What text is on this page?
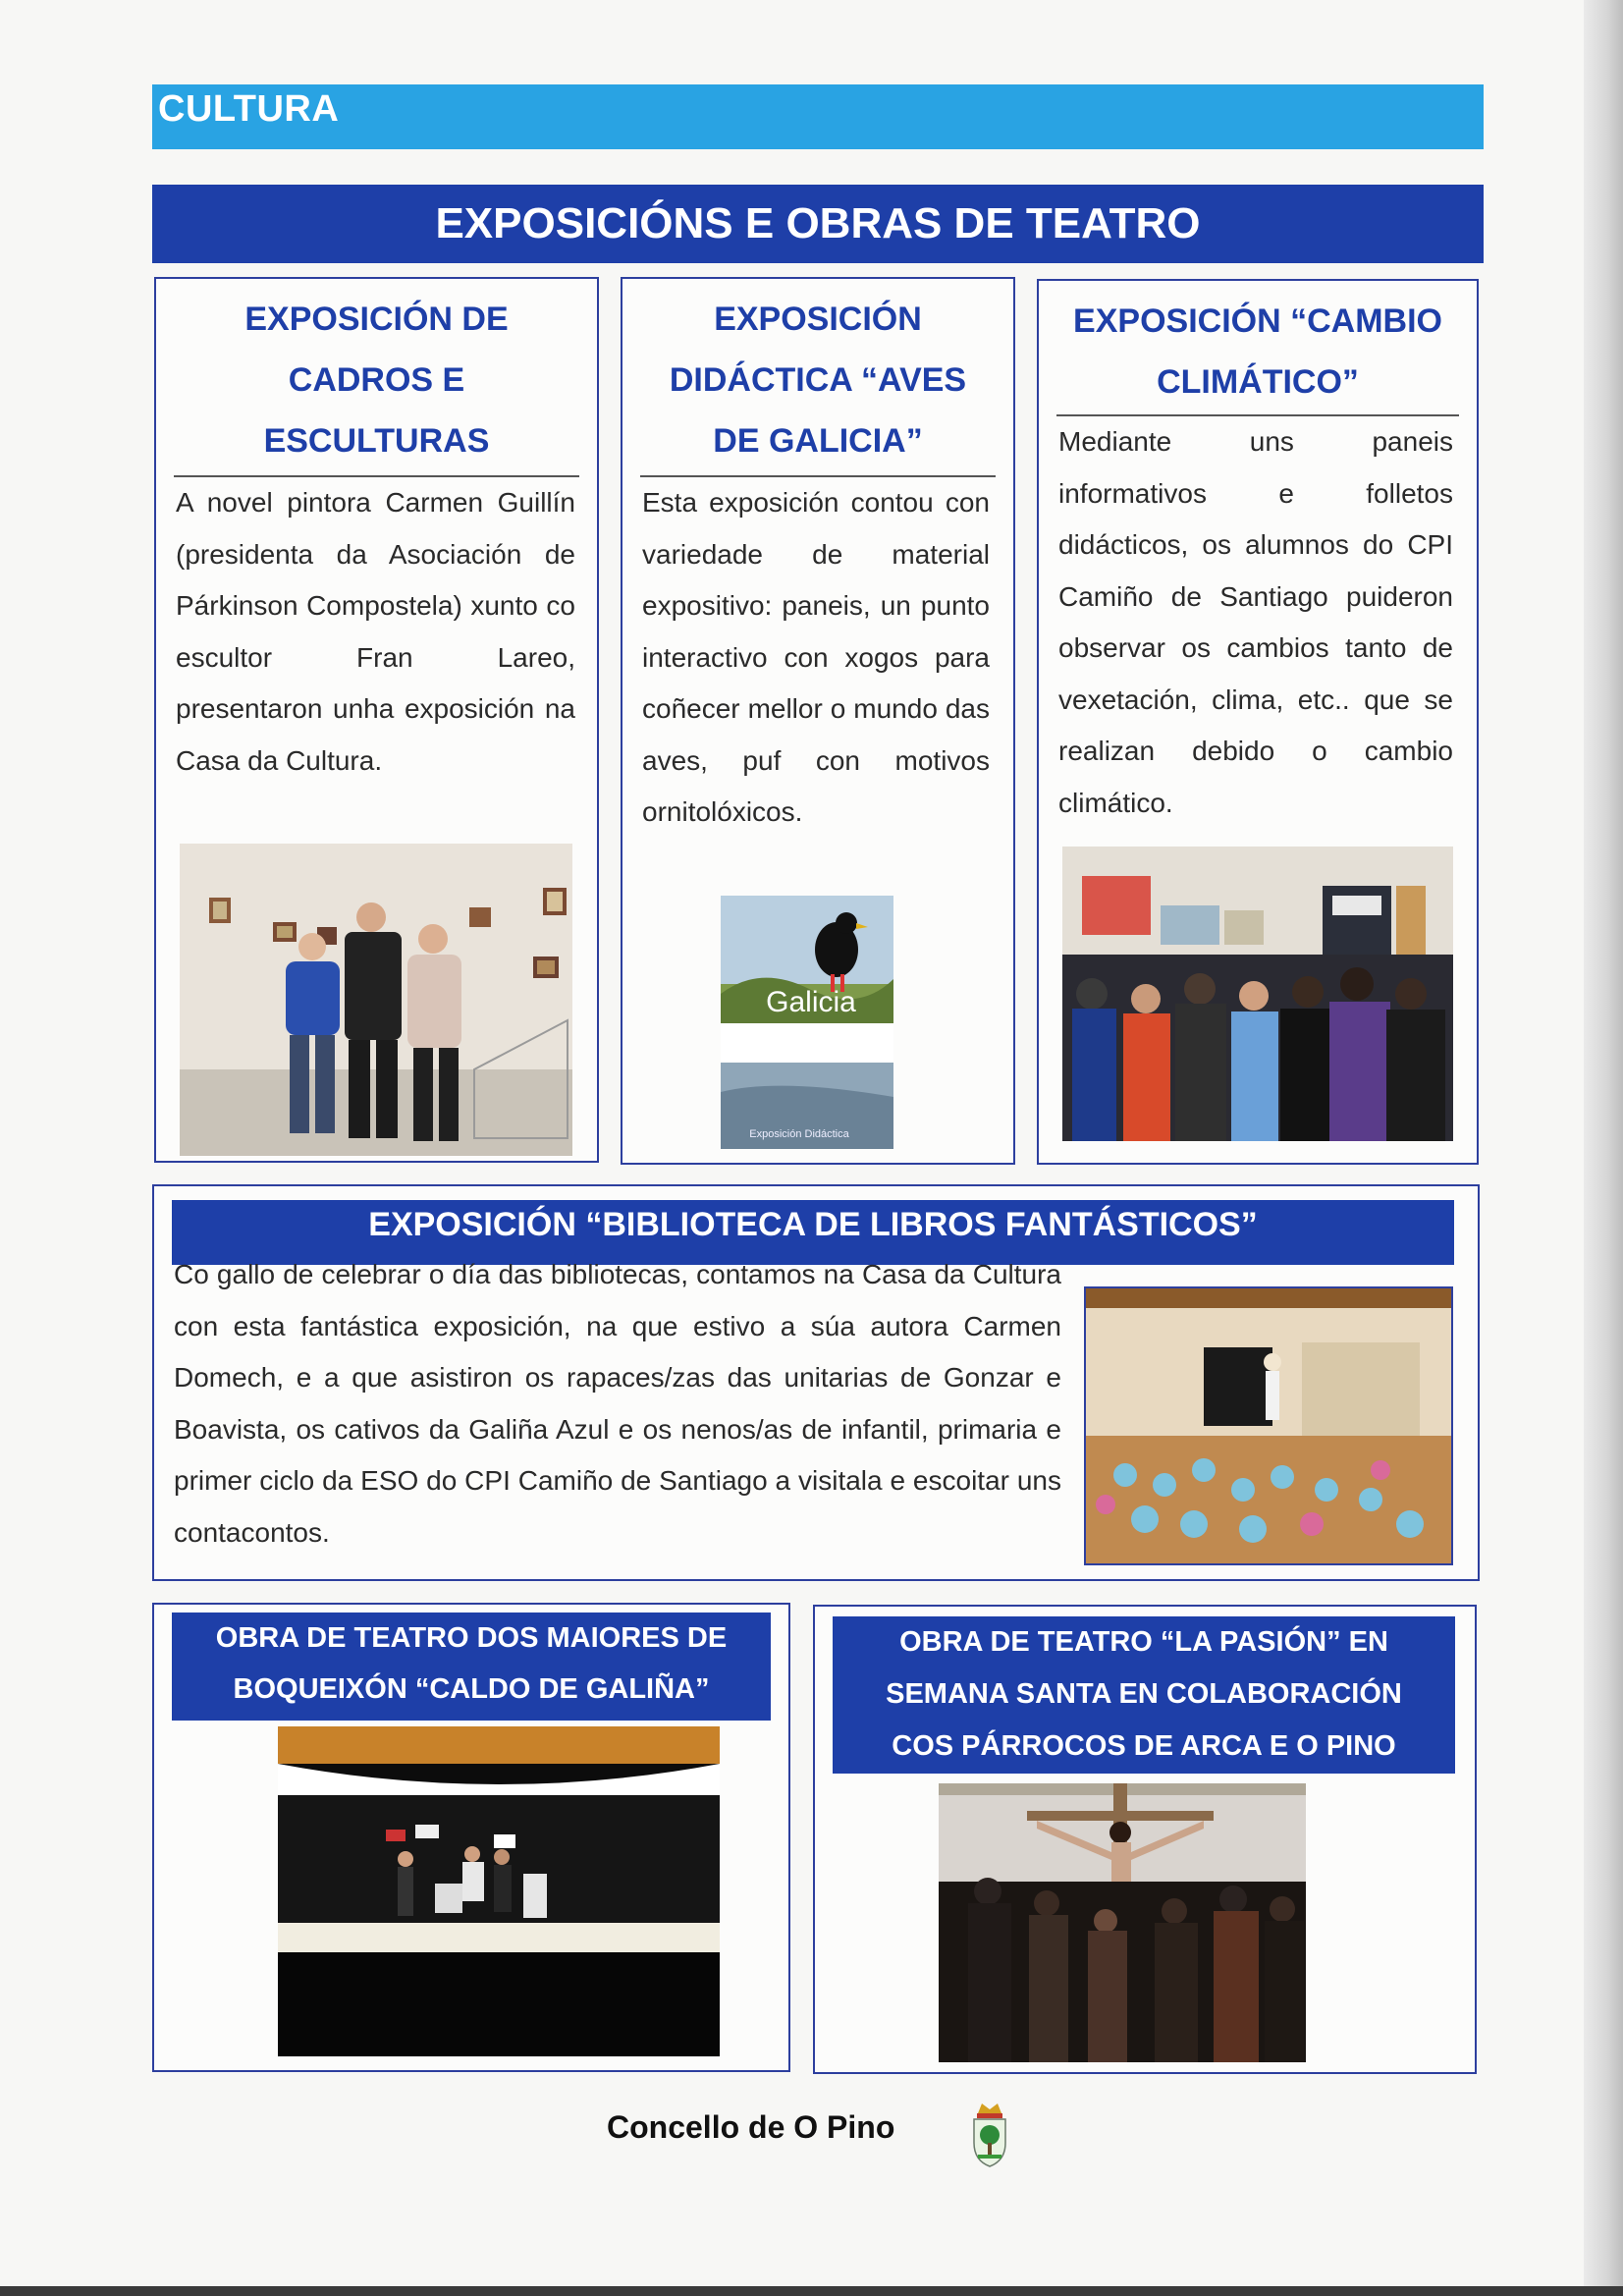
CULTURA
EXPOSICIÓNS E OBRAS DE TEATRO
EXPOSICIÓN DE
CADROS E
ESCULTURAS
A novel pintora Carmen Guillín (presidenta da Asociación de Párkinson Compostela) xunto co escultor Fran Lareo, presentaron unha exposición na Casa da Cultura.
EXPOSICIÓN
DIDÁCTICA “AVES
DE GALICIA”
Esta exposición contou con variedade de material expositivo: paneis, un punto interactivo con xogos para coñecer mellor o mundo das aves, puf con motivos ornitolóxicos.
Galicia
Exposición Didáctica
EXPOSICIÓN “CAMBIO
CLIMÁTICO”
Mediante uns paneis informativos e folletos didácticos, os alumnos do CPI Camiño de Santiago puideron observar os cambios tanto de vexetación, clima, etc.. que se realizan debido o cambio climático.
EXPOSICIÓN “BIBLIOTECA DE LIBROS FANTÁSTICOS”
Co gallo de celebrar o día das bibliotecas, contamos na Casa da Cultura con esta fantástica exposición, na que estivo a súa autora Carmen Domech, e a que asistiron os rapaces/zas das unitarias de Gonzar e Boavista, os cativos da Galiña Azul e os nenos/as de infantil, primaria e primer ciclo da ESO do CPI Camiño de Santiago a visitala e escoitar uns contacontos.
OBRA DE TEATRO DOS MAIORES DE
BOQUEIXÓN “CALDO DE GALIÑA”
OBRA DE TEATRO “LA PASIÓN” EN
SEMANA SANTA EN COLABORACIÓN
COS PÁRROCOS DE ARCA E O PINO
Concello de O Pino
